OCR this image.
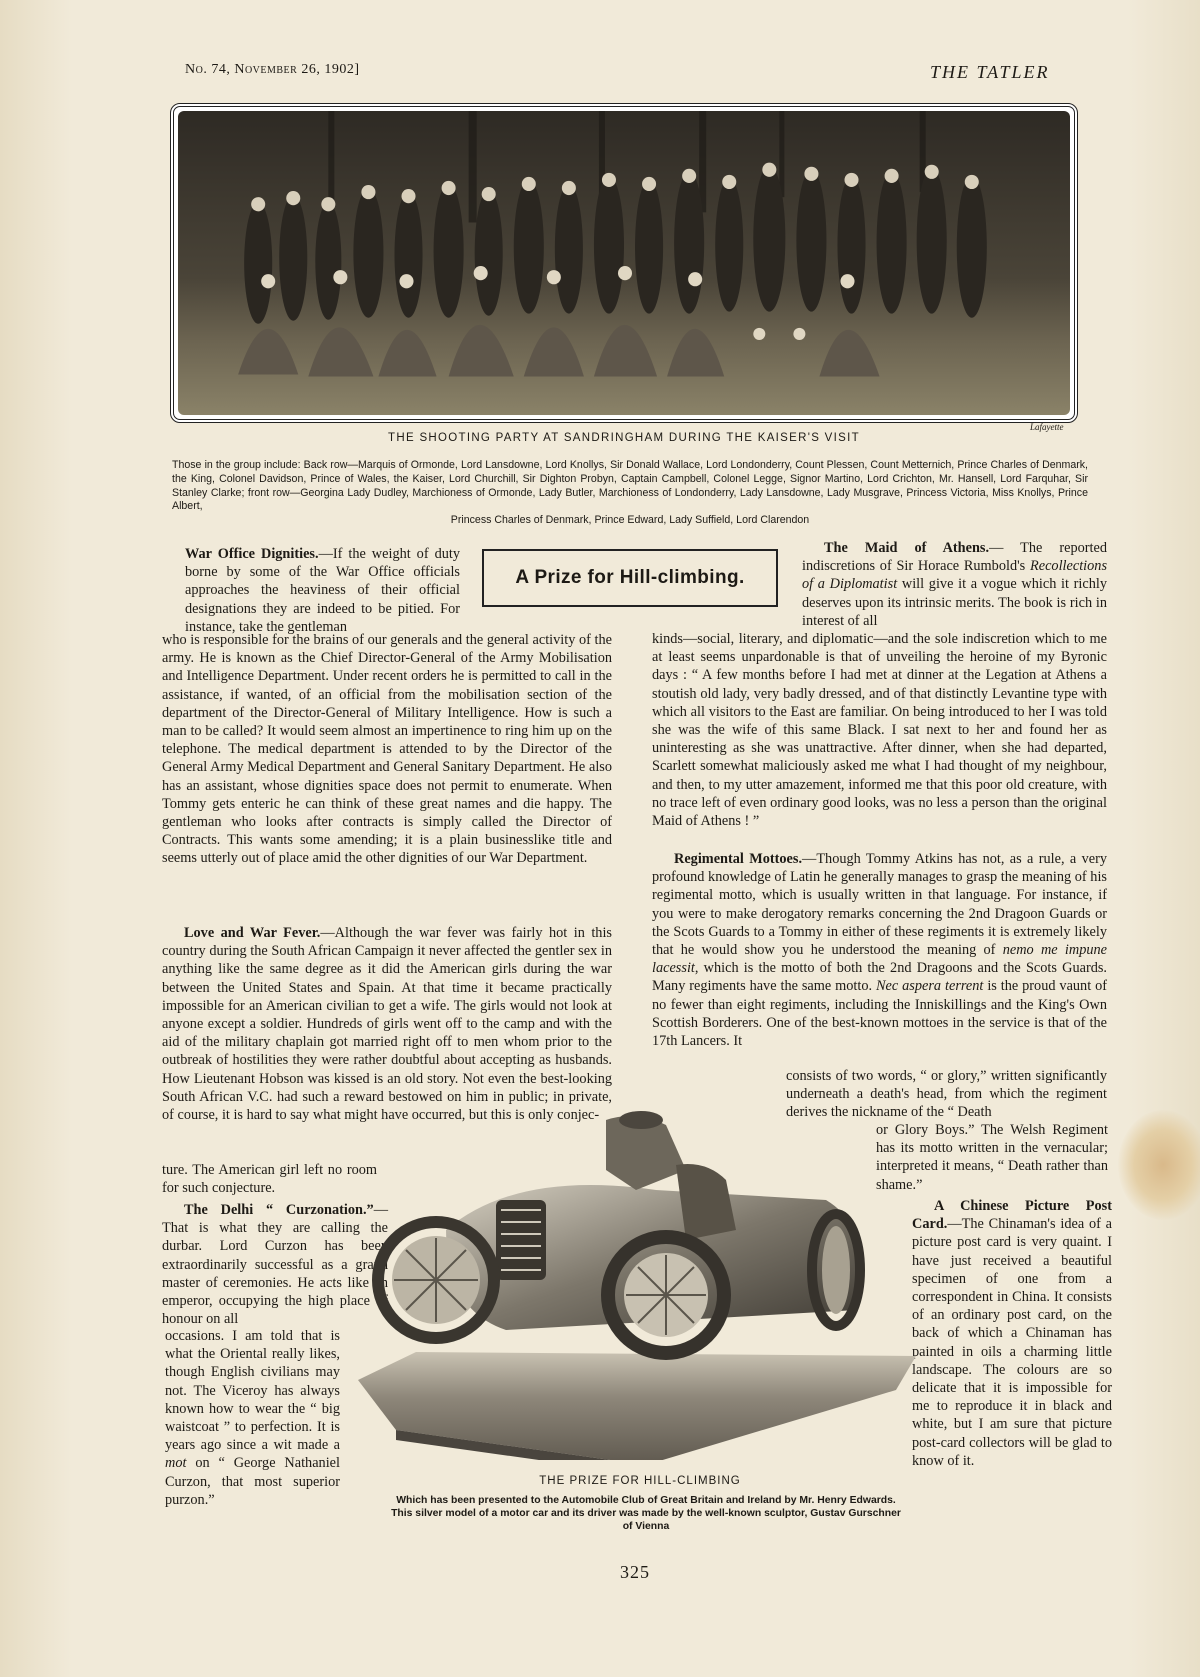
No. 74, November 26, 1902]	THE TATLER
Lafayette
THE SHOOTING PARTY AT SANDRINGHAM DURING THE KAISER'S VISIT
Those in the group include: Back row—Marquis of Ormonde, Lord Lansdowne, Lord Knollys, Sir Donald Wallace, Lord Londonderry, Count Plessen, Count Metternich, Prince Charles of Denmark, the King, Colonel Davidson, Prince of Wales, the Kaiser, Lord Churchill, Sir Dighton Probyn, Captain Campbell, Colonel Legge, Signor Martino, Lord Crichton, Mr. Hansell, Lord Farquhar, Sir Stanley Clarke; front row—Georgina Lady Dudley, Marchioness of Ormonde, Lady Butler, Marchioness of Londonderry, Lady Lansdowne, Lady Musgrave, Princess Victoria, Miss Knollys, Prince Albert,
Princess Charles of Denmark, Prince Edward, Lady Suffield, Lord Clarendon
A Prize for Hill-climbing.
War Office Dignities.—If the weight of duty borne by some of the War Office officials approaches the heaviness of their official designations they are indeed to be pitied. For instance, take the gentleman
who is responsible for the brains of our generals and the general activity of the army. He is known as the Chief Director-General of the Army Mobilisation and Intelligence Department. Under recent orders he is permitted to call in the assistance, if wanted, of an official from the mobilisation section of the department of the Director-General of Military Intelligence. How is such a man to be called? It would seem almost an impertinence to ring him up on the telephone. The medical department is attended to by the Director of the General Army Medical Department and General Sanitary Department. He also has an assistant, whose dignities space does not permit to enumerate. When Tommy gets enteric he can think of these great names and die happy. The gentleman who looks after contracts is simply called the Director of Contracts. This wants some amending; it is a plain businesslike title and seems utterly out of place amid the other dignities of our War Department.
Love and War Fever.—Although the war fever was fairly hot in this country during the South African Campaign it never affected the gentler sex in anything like the same degree as it did the American girls during the war between the United States and Spain. At that time it became practically impossible for an American civilian to get a wife. The girls would not look at anyone except a soldier. Hundreds of girls went off to the camp and with the aid of the military chaplain got married right off to men whom prior to the outbreak of hostilities they were rather doubtful about accepting as husbands. How Lieutenant Hobson was kissed is an old story. Not even the best-looking South African V.C. had such a reward bestowed on him in public; in private, of course, it is hard to say what might have occurred, but this is only conjec-
ture. The American girl left no room for such conjecture.
The Delhi “ Curzonation.”— That is what they are calling the durbar. Lord Curzon has been extraordinarily successful as a grand master of ceremonies. He acts like an emperor, occupying the high place of honour on all
occasions. I am told that is what the Oriental really likes, though English civilians may not. The Viceroy has always known how to wear the “ big waistcoat ” to perfection. It is years ago since a wit made a mot on “ George Nathaniel Curzon, that most superior purzon.”
The Maid of Athens.— The reported indiscretions of Sir Horace Rumbold's Recollections of a Diplomatist will give it a vogue which it richly deserves upon its intrinsic merits. The book is rich in interest of all
kinds—social, literary, and diplomatic—and the sole indiscretion which to me at least seems unpardonable is that of unveiling the heroine of my Byronic days : “ A few months before I had met at dinner at the Legation at Athens a stoutish old lady, very badly dressed, and of that distinctly Levantine type with which all visitors to the East are familiar. On being introduced to her I was told she was the wife of this same Black. I sat next to her and found her as uninteresting as she was unattractive. After dinner, when she had departed, Scarlett somewhat maliciously asked me what I had thought of my neighbour, and then, to my utter amazement, informed me that this poor old creature, with no trace left of even ordinary good looks, was no less a person than the original Maid of Athens ! ”
Regimental Mottoes.—Though Tommy Atkins has not, as a rule, a very profound knowledge of Latin he generally manages to grasp the meaning of his regimental motto, which is usually written in that language. For instance, if you were to make derogatory remarks concerning the 2nd Dragoon Guards or the Scots Guards to a Tommy in either of these regiments it is extremely likely that he would show you he understood the meaning of nemo me impune lacessit, which is the motto of both the 2nd Dragoons and the Scots Guards. Many regiments have the same motto. Nec aspera terrent is the proud vaunt of no fewer than eight regiments, including the Inniskillings and the King's Own Scottish Borderers. One of the best-known mottoes in the service is that of the 17th Lancers. It
consists of two words, “ or glory,” written significantly underneath a death's head, from which the regiment derives the nickname of the “ Death
or Glory Boys.” The Welsh Regiment has its motto written in the vernacular; interpreted it means, “ Death rather than shame.”
A Chinese Picture Post Card.—The Chinaman's idea of a picture post card is very quaint. I have just received a beautiful specimen of one from a correspondent in China. It consists of an ordinary post card, on the back of which a Chinaman has painted in oils a charming little landscape. The colours are so delicate that it is impossible for me to reproduce it in black and white, but I am sure that picture post-card collectors will be glad to know of it.
THE PRIZE FOR HILL-CLIMBING
Which has been presented to the Automobile Club of Great Britain and Ireland by Mr. Henry Edwards. This silver model of a motor car and its driver was made by the well-known sculptor, Gustav Gurschner of Vienna
325
